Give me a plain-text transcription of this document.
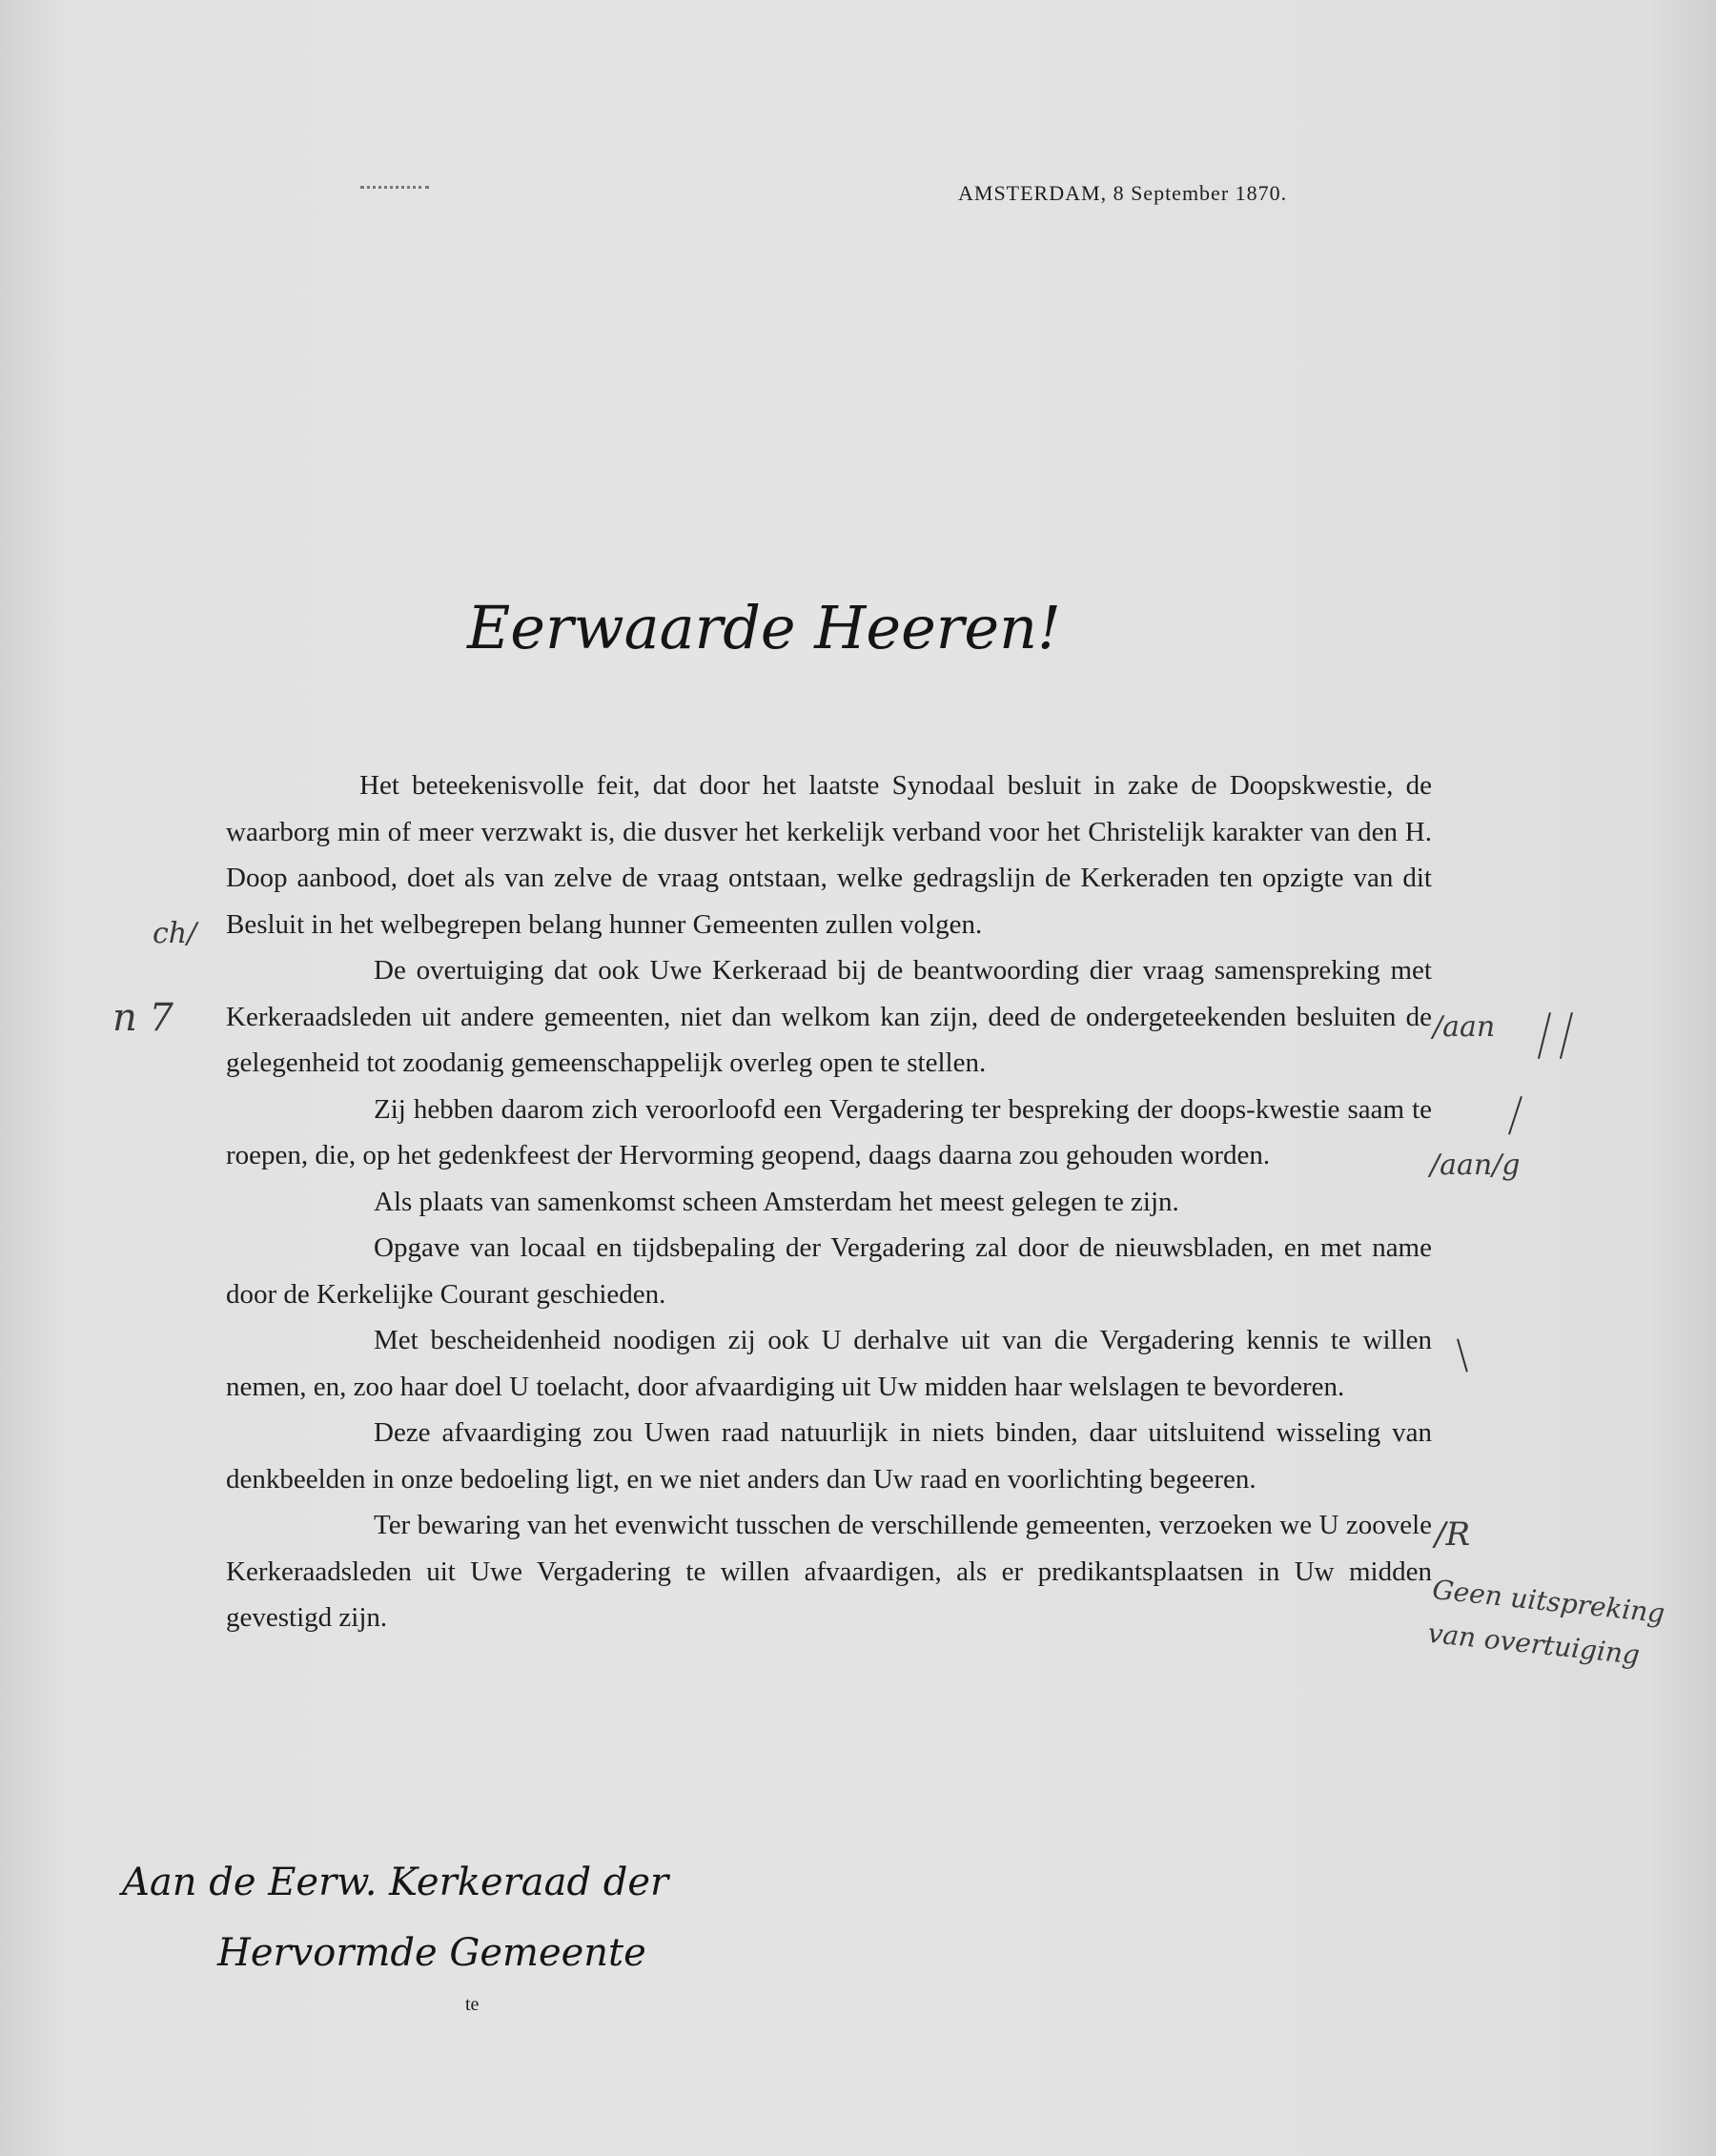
AMSTERDAM, 8 September 1870.
Eerwaarde Heeren!

Het beteekenisvolle feit, dat door het laatste Synodaal besluit in zake de Doopskwestie, de waarborg min of meer verzwakt is, die dusver het kerkelijk verband voor het Christelijk karakter van den H. Doop aanbood, doet als van zelve de vraag ontstaan, welke gedragslijn de Kerkeraden ten opzigte van dit Besluit in het welbegrepen belang hunner Gemeenten zullen volgen.

De overtuiging dat ook Uwe Kerkeraad bij de beantwoording dier vraag samenspreking met Kerkeraadsleden uit andere gemeenten, niet dan welkom kan zijn, deed de ondergeteekenden besluiten de gelegenheid tot zoodanig gemeenschappelijk overleg open te stellen.

Zij hebben daarom zich veroorloofd een Vergadering ter bespreking der doops-kwestie saam te roepen, die, op het gedenkfeest der Hervorming geopend, daags daarna zou gehouden worden.

Als plaats van samenkomst scheen Amsterdam het meest gelegen te zijn.

Opgave van locaal en tijdsbepaling der Vergadering zal door de nieuwsbladen, en met name door de Kerkelijke Courant geschieden.

Met bescheidenheid noodigen zij ook U derhalve uit van die Vergadering kennis te willen nemen, en, zoo haar doel U toelacht, door afvaardiging uit Uw midden haar welslagen te bevorderen.

Deze afvaardiging zou Uwen raad natuurlijk in niets binden, daar uitsluitend wisseling van denkbeelden in onze bedoeling ligt, en we niet anders dan Uw raad en voorlichting begeeren.

Ter bewaring van het evenwicht tusschen de verschillende gemeenten, verzoeken we U zoovele Kerkeraadsleden uit Uwe Vergadering te willen afvaardigen, als er predikantsplaatsen in Uw midden gevestigd zijn.

n 7
ch/
/aan
/aan/g
/R
Geen uitspreking
van overtuiging
Aan de Eerw. Kerkeraad der
Hervormde Gemeente
te
